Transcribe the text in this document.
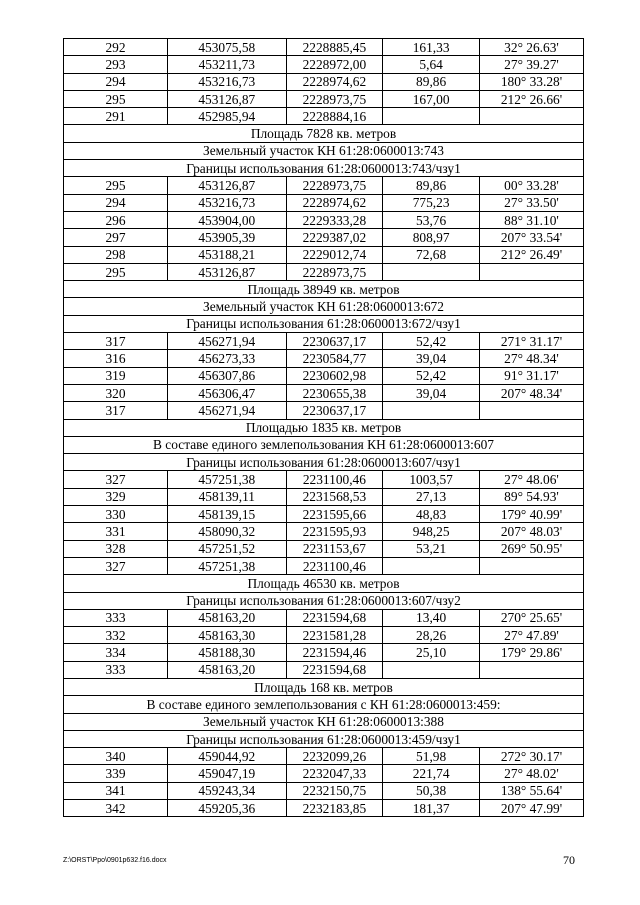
292	453075,58	2228885,45	161,33	32° 26.63'
293	453211,73	2228972,00	5,64	27° 39.27'
294	453216,73	2228974,62	89,86	180° 33.28'
295	453126,87	2228973,75	167,00	212° 26.66'
291	452985,94	2228884,16		
Площадь 7828 кв. метров				
Земельный участок КН 61:28:0600013:743				
Границы использования 61:28:0600013:743/чзу1				
295	453126,87	2228973,75	89,86	00° 33.28'
294	453216,73	2228974,62	775,23	27° 33.50'
296	453904,00	2229333,28	53,76	88° 31.10'
297	453905,39	2229387,02	808,97	207° 33.54'
298	453188,21	2229012,74	72,68	212° 26.49'
295	453126,87	2228973,75		
Площадь 38949 кв. метров				
Земельный участок КН 61:28:0600013:672				
Границы использования 61:28:0600013:672/чзу1				
317	456271,94	2230637,17	52,42	271° 31.17'
316	456273,33	2230584,77	39,04	27° 48.34'
319	456307,86	2230602,98	52,42	91° 31.17'
320	456306,47	2230655,38	39,04	207° 48.34'
317	456271,94	2230637,17		
Площадью 1835 кв. метров				
В составе единого землепользования КН 61:28:0600013:607				
Границы использования 61:28:0600013:607/чзу1				
327	457251,38	2231100,46	1003,57	27° 48.06'
329	458139,11	2231568,53	27,13	89° 54.93'
330	458139,15	2231595,66	48,83	179° 40.99'
331	458090,32	2231595,93	948,25	207° 48.03'
328	457251,52	2231153,67	53,21	269° 50.95'
327	457251,38	2231100,46		
Площадь 46530 кв. метров				
Границы использования 61:28:0600013:607/чзу2				
333	458163,20	2231594,68	13,40	270° 25.65'
332	458163,30	2231581,28	28,26	27° 47.89'
334	458188,30	2231594,46	25,10	179° 29.86'
333	458163,20	2231594,68		
Площадь 168 кв. метров				
В составе единого землепользования с КН 61:28:0600013:459:				
Земельный участок КН 61:28:0600013:388				
Границы использования 61:28:0600013:459/чзу1				
340	459044,92	2232099,26	51,98	272° 30.17'
339	459047,19	2232047,33	221,74	27° 48.02'
341	459243,34	2232150,75	50,38	138° 55.64'
342	459205,36	2232183,85	181,37	207° 47.99'
Z:\ORST\Ppo\0901p632.f16.docx	70
